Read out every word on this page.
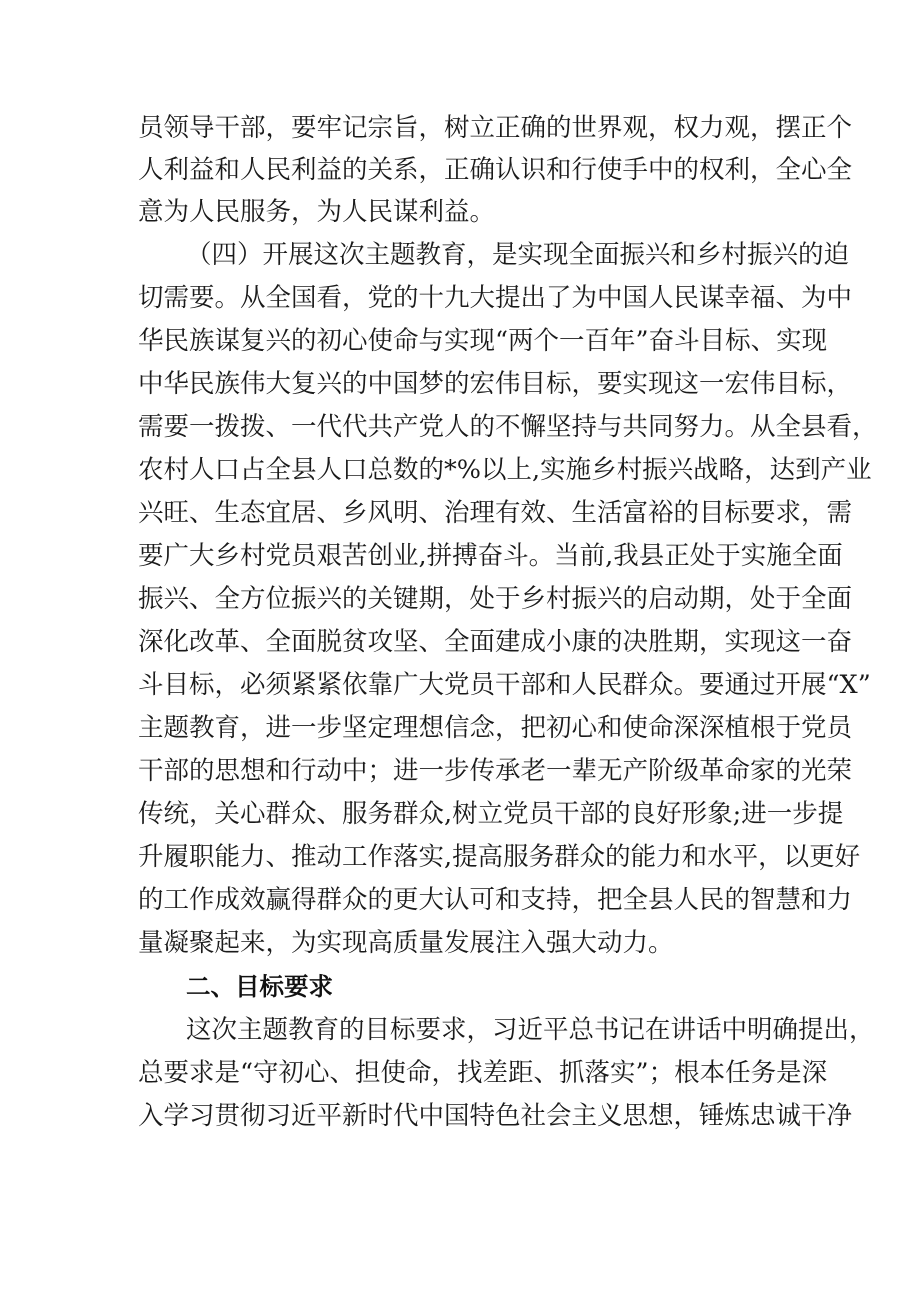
员领导干部，要牢记宗旨，树立正确的世界观，权力观，摆正个
人利益和人民利益的关系，正确认识和行使手中的权利，全心全
意为人民服务，为人民谋利益。
（四）开展这次主题教育，是实现全面振兴和乡村振兴的迫
切需要。从全国看，党的十九大提出了为中国人民谋幸福、为中
华民族谋复兴的初心使命与实现“两个一百年”奋斗目标、实现
中华民族伟大复兴的中国梦的宏伟目标，要实现这一宏伟目标，
需要一拨拨、一代代共产党人的不懈坚持与共同努力。从全县看，
农村人口占全县人口总数的*%以上,实施乡村振兴战略，达到产业
兴旺、生态宜居、乡风明、治理有效、生活富裕的目标要求，需
要广大乡村党员艰苦创业,拼搏奋斗。当前,我县正处于实施全面
振兴、全方位振兴的关键期，处于乡村振兴的启动期，处于全面
深化改革、全面脱贫攻坚、全面建成小康的决胜期，实现这一奋
斗目标，必须紧紧依靠广大党员干部和人民群众。要通过开展“X”
主题教育，进一步坚定理想信念，把初心和使命深深植根于党员
干部的思想和行动中；进一步传承老一辈无产阶级革命家的光荣
传统，关心群众、服务群众,树立党员干部的良好形象;进一步提
升履职能力、推动工作落实,提高服务群众的能力和水平，以更好
的工作成效赢得群众的更大认可和支持，把全县人民的智慧和力
量凝聚起来，为实现高质量发展注入强大动力。
二、目标要求
这次主题教育的目标要求，习近平总书记在讲话中明确提出，
总要求是“守初心、担使命，找差距、抓落实”；根本任务是深
入学习贯彻习近平新时代中国特色社会主义思想，锤炼忠诚干净
